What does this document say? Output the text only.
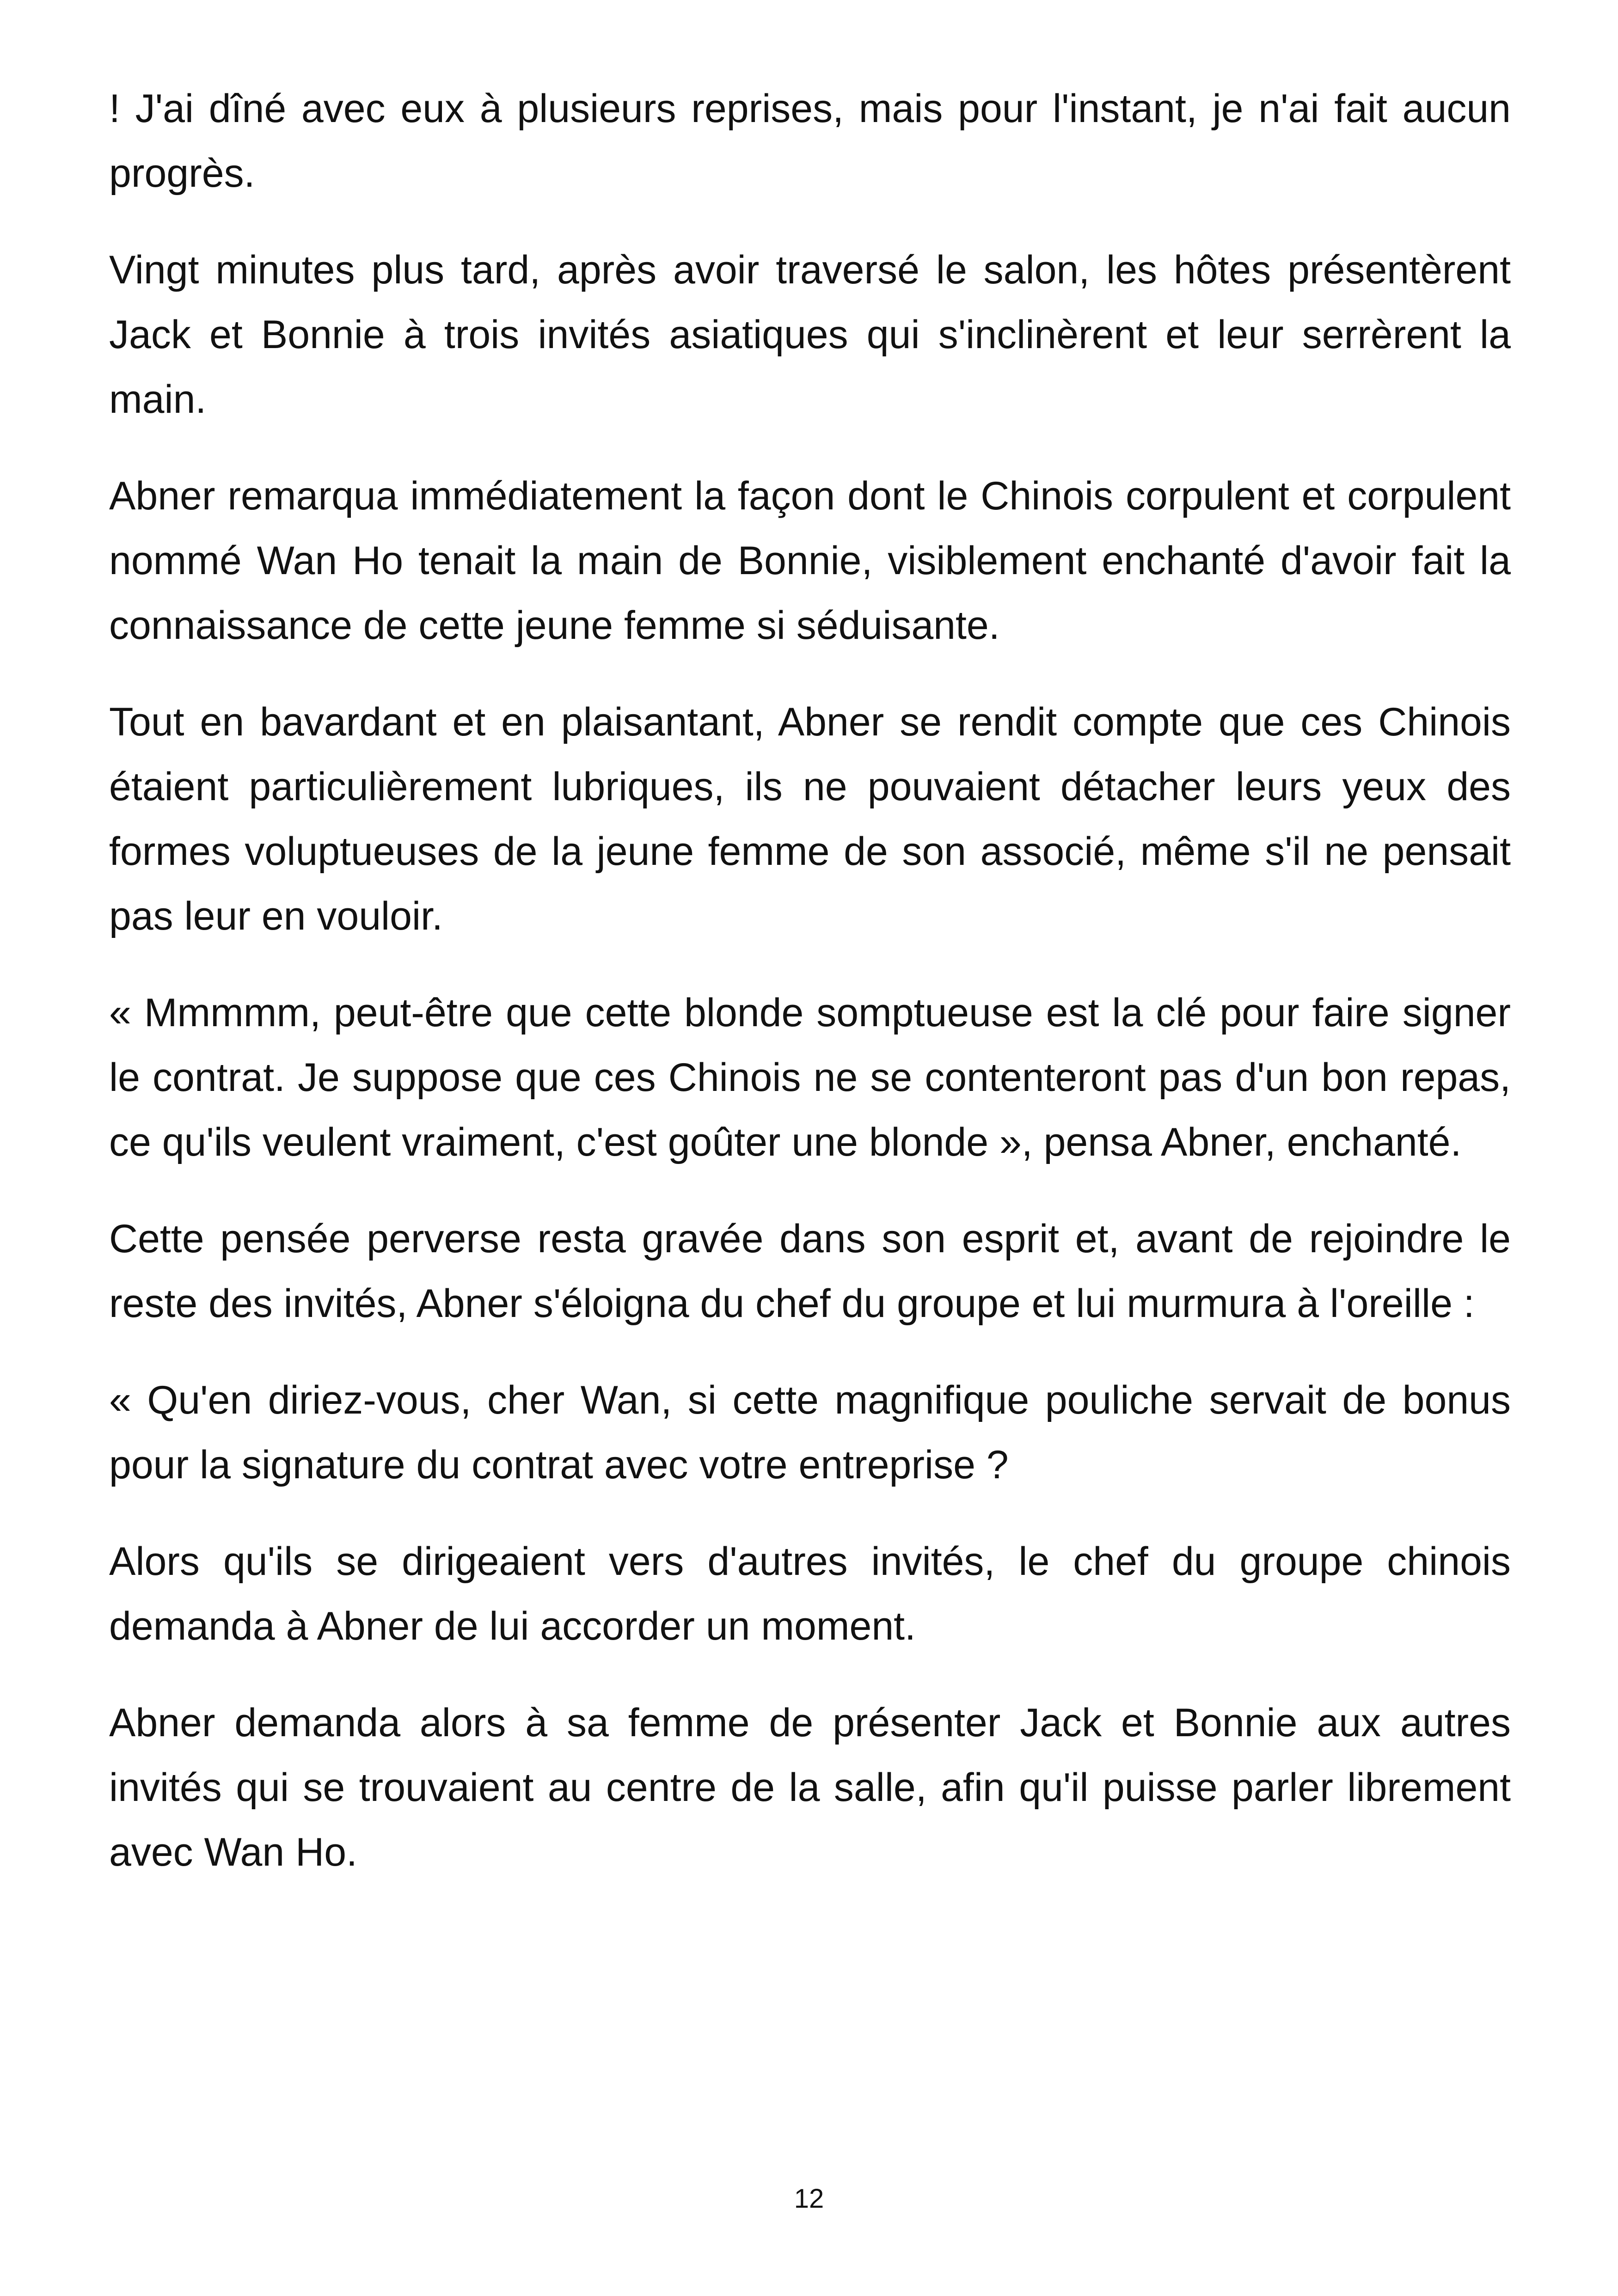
! J'ai dîné avec eux à plusieurs reprises, mais pour l'instant, je n'ai fait aucun progrès.

Vingt minutes plus tard, après avoir traversé le salon, les hôtes présentèrent Jack et Bonnie à trois invités asiatiques qui s'inclinèrent et leur serrèrent la main.

Abner remarqua immédiatement la façon dont le Chinois corpulent et corpulent nommé Wan Ho tenait la main de Bonnie, visiblement enchanté d'avoir fait la connaissance de cette jeune femme si séduisante.

Tout en bavardant et en plaisantant, Abner se rendit compte que ces Chinois étaient particulièrement lubriques, ils ne pouvaient détacher leurs yeux des formes voluptueuses de la jeune femme de son associé, même s'il ne pensait pas leur en vouloir.

« Mmmmm, peut-être que cette blonde somptueuse est la clé pour faire signer le contrat. Je suppose que ces Chinois ne se contenteront pas d'un bon repas, ce qu'ils veulent vraiment, c'est goûter une blonde », pensa Abner, enchanté.

Cette pensée perverse resta gravée dans son esprit et, avant de rejoindre le reste des invités, Abner s'éloigna du chef du groupe et lui murmura à l'oreille :

« Qu'en diriez-vous, cher Wan, si cette magnifique pouliche servait de bonus pour la signature du contrat avec votre entreprise ?

Alors qu'ils se dirigeaient vers d'autres invités, le chef du groupe chinois demanda à Abner de lui accorder un moment.

Abner demanda alors à sa femme de présenter Jack et Bonnie aux autres invités qui se trouvaient au centre de la salle, afin qu'il puisse parler librement avec Wan Ho.

12
